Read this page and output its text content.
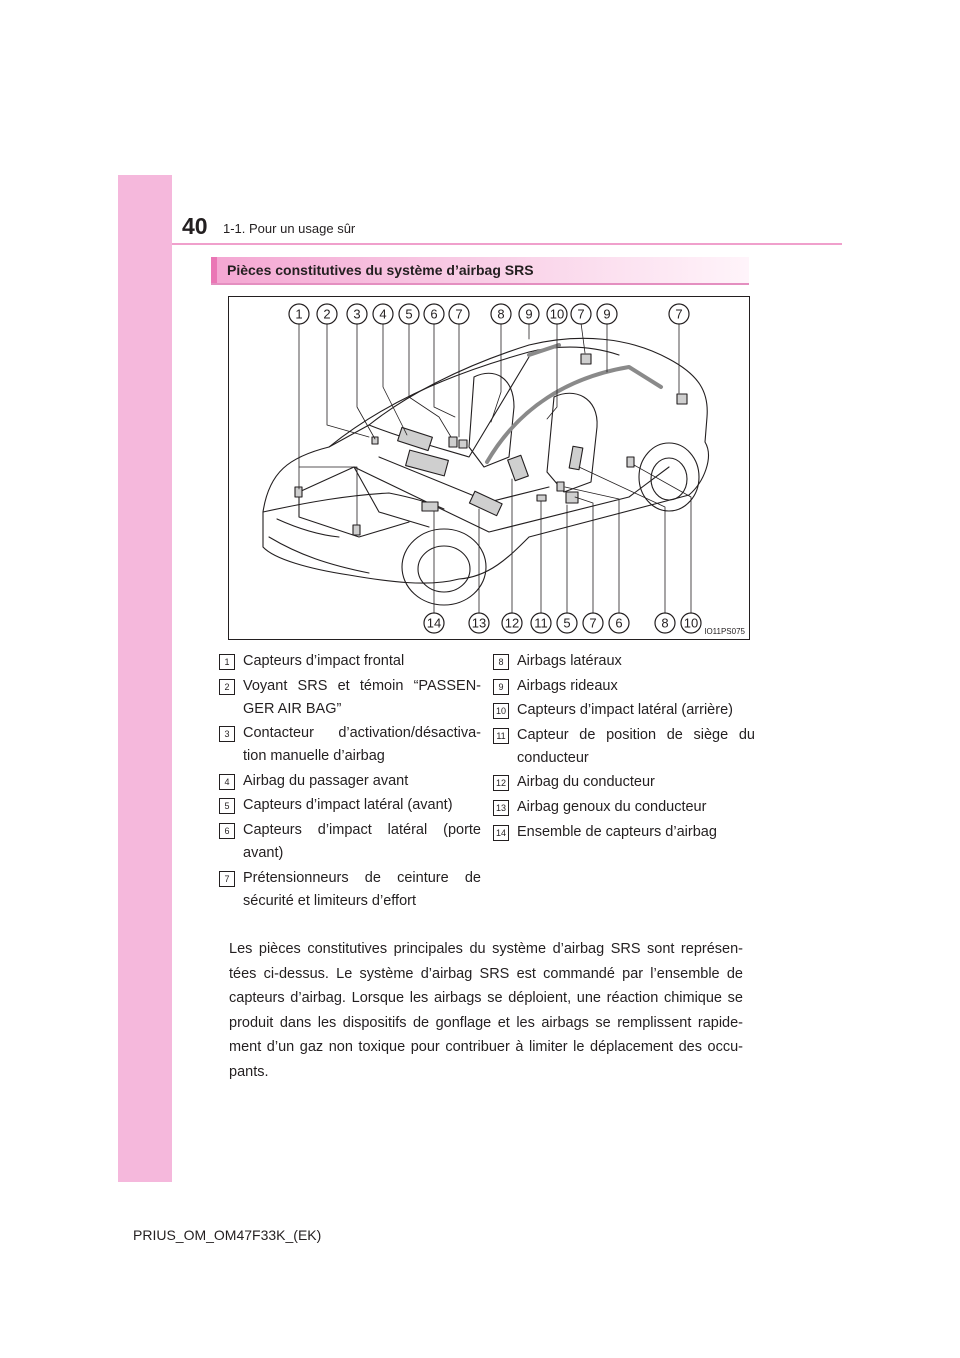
40 1-1. Pour un usage sûr
Pièces constitutives du système d’airbag SRS
1 2 3 4 5 6 7	8 9 10 7 9	7
14 13 12 11 5 7 6	8 10
IO11PS075
1 Capteurs d’impact frontal
2 Voyant SRS et témoin “PASSEN- GER AIR BAG”
3 Contacteur d’activation/désactiva- tion manuelle d’airbag
4 Airbag du passager avant
5 Capteurs d’impact latéral (avant)
6 Capteurs d’impact latéral (porte avant)
7 Prétensionneurs de ceinture de sécurité et limiteurs d’effort
8 Airbags latéraux
9 Airbags rideaux
10 Capteurs d’impact latéral (arrière)
11 Capteur de position de siège du conducteur
12 Airbag du conducteur
13 Airbag genoux du conducteur
14 Ensemble de capteurs d’airbag
Les pièces constitutives principales du système d’airbag SRS sont représen- tées ci-dessus. Le système d’airbag SRS est commandé par l’ensemble de capteurs d’airbag. Lorsque les airbags se déploient, une réaction chimique se produit dans les dispositifs de gonflage et les airbags se remplissent rapide- ment d’un gaz non toxique pour contribuer à limiter le déplacement des occu- pants.
PRIUS_OM_OM47F33K_(EK)
